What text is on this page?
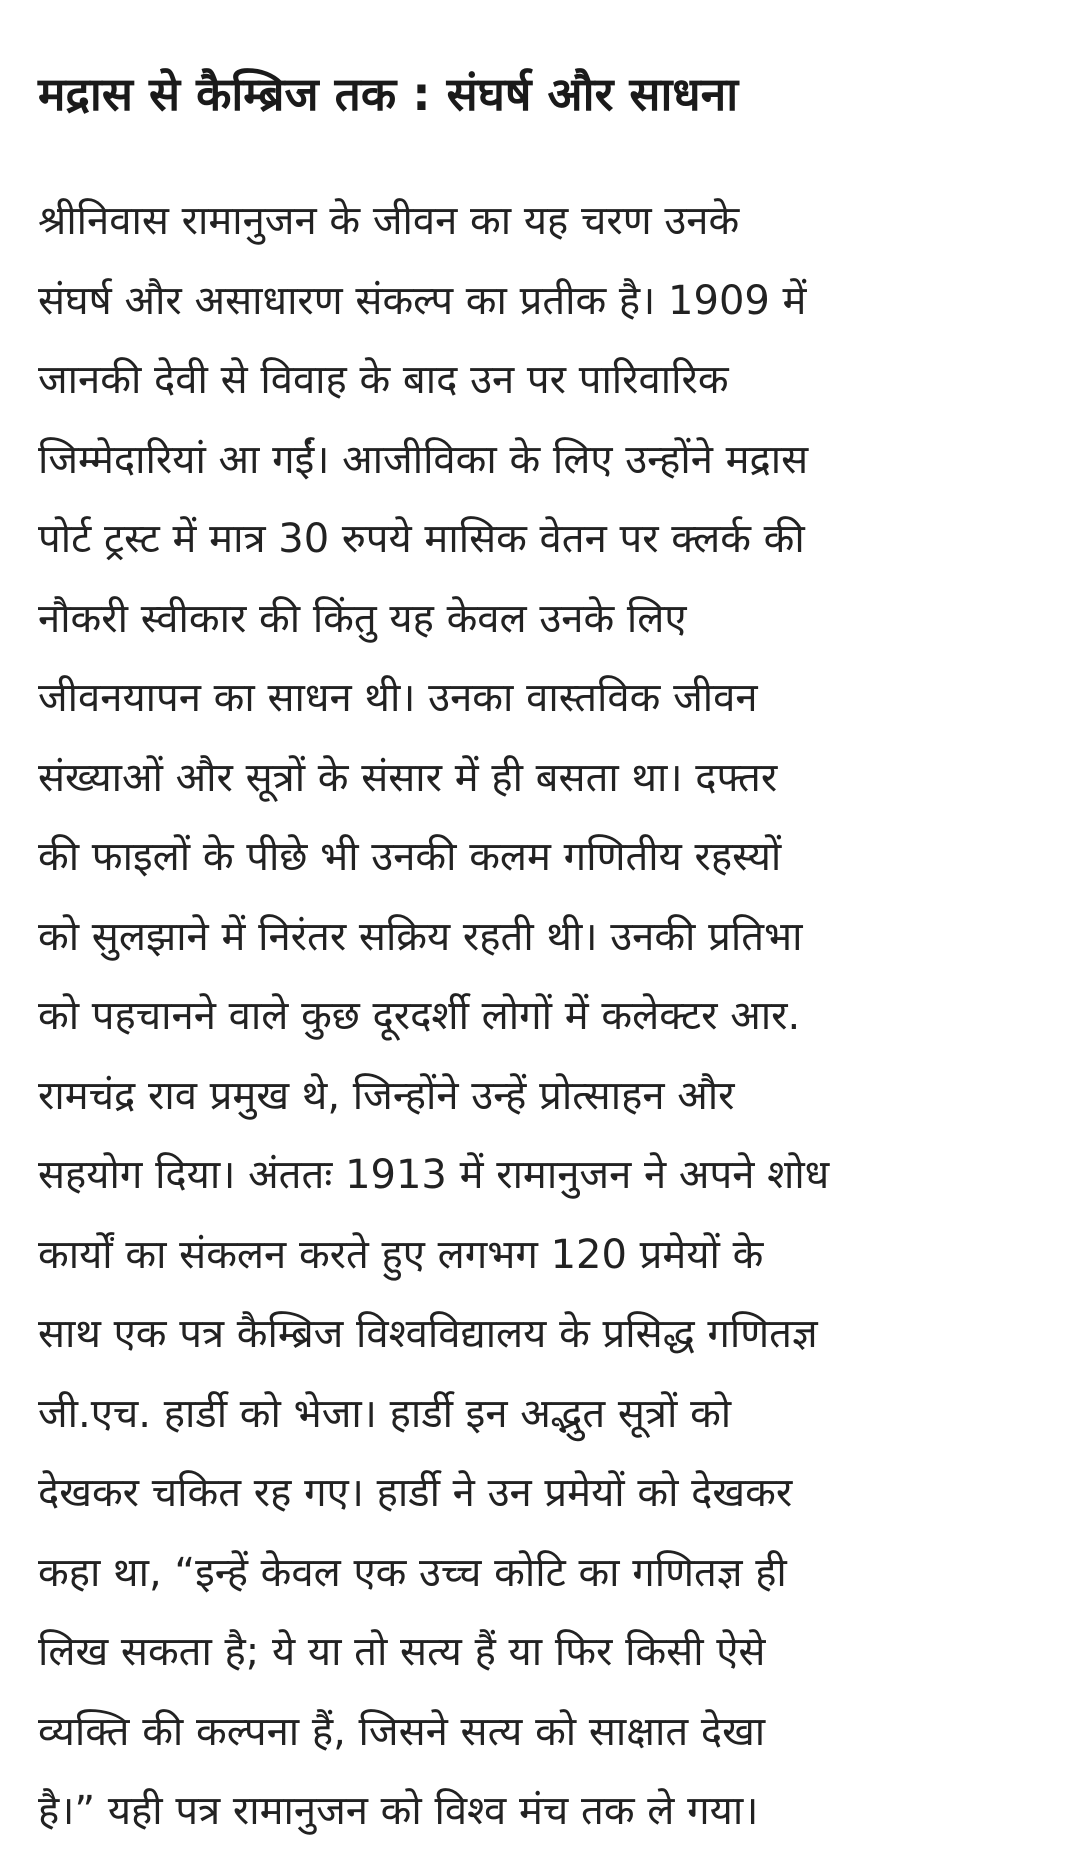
मद्रास से कैम्ब्रिज तक : संघर्ष और साधना
श्रीनिवास रामानुजन के जीवन का यह चरण उनके
संघर्ष और असाधारण संकल्प का प्रतीक है। 1909 में
जानकी देवी से विवाह के बाद उन पर पारिवारिक
जिम्मेदारियां आ गईं। आजीविका के लिए उन्होंने मद्रास
पोर्ट ट्रस्ट में मात्र 30 रुपये मासिक वेतन पर क्लर्क की
नौकरी स्वीकार की किंतु यह केवल उनके लिए
जीवनयापन का साधन थी। उनका वास्तविक जीवन
संख्याओं और सूत्रों के संसार में ही बसता था। दफ्तर
की फाइलों के पीछे भी उनकी कलम गणितीय रहस्यों
को सुलझाने में निरंतर सक्रिय रहती थी। उनकी प्रतिभा
को पहचानने वाले कुछ दूरदर्शी लोगों में कलेक्टर आर.
रामचंद्र राव प्रमुख थे, जिन्होंने उन्हें प्रोत्साहन और
सहयोग दिया। अंततः 1913 में रामानुजन ने अपने शोध
कार्यों का संकलन करते हुए लगभग 120 प्रमेयों के
साथ एक पत्र कैम्ब्रिज विश्वविद्यालय के प्रसिद्ध गणितज्ञ
जी.एच. हार्डी को भेजा। हार्डी इन अद्भुत सूत्रों को
देखकर चकित रह गए। हार्डी ने उन प्रमेयों को देखकर
कहा था, “इन्हें केवल एक उच्च कोटि का गणितज्ञ ही
लिख सकता है; ये या तो सत्य हैं या फिर किसी ऐसे
व्यक्ति की कल्पना हैं, जिसने सत्य को साक्षात देखा
है।” यही पत्र रामानुजन को विश्व मंच तक ले गया।
